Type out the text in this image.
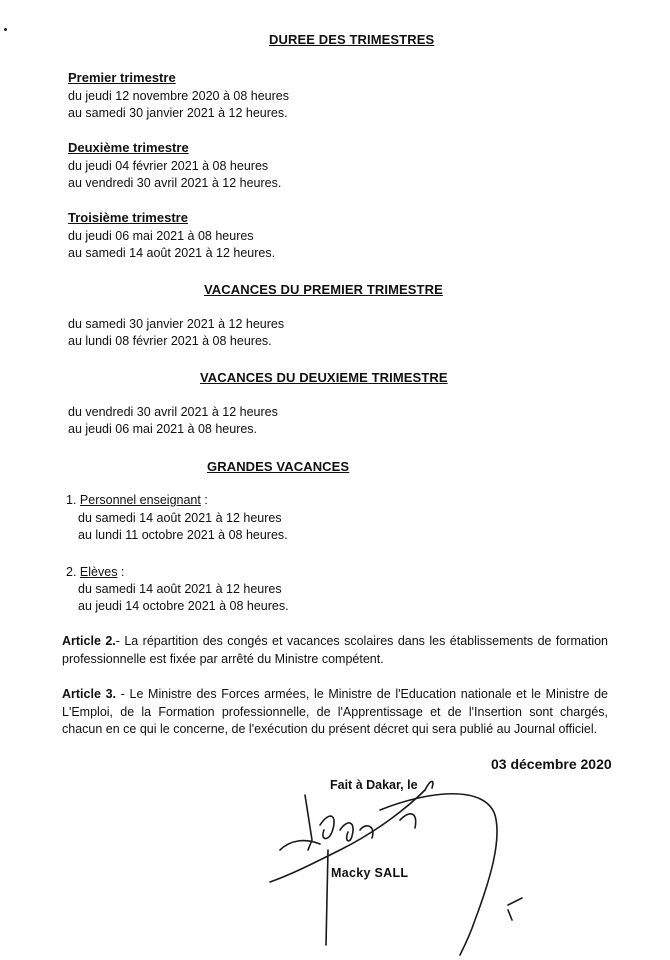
DUREE DES TRIMESTRES
Premier trimestre
du jeudi 12 novembre 2020 à 08 heures
au samedi 30 janvier 2021 à 12 heures.
Deuxième trimestre
du jeudi 04 février 2021 à 08 heures
au vendredi 30 avril 2021 à 12 heures.
Troisième trimestre
du jeudi 06 mai 2021 à 08 heures
au samedi 14 août 2021 à 12 heures.
VACANCES DU PREMIER TRIMESTRE
du samedi 30 janvier 2021 à 12 heures
au lundi 08 février 2021 à 08 heures.
VACANCES DU DEUXIEME TRIMESTRE
du vendredi 30 avril 2021 à 12 heures
au jeudi 06 mai 2021 à 08 heures.
GRANDES VACANCES
1. Personnel enseignant :
du samedi 14 août 2021 à 12 heures
au lundi 11 octobre 2021 à 08 heures.
2. Elèves :
du samedi 14 août 2021 à 12 heures
au jeudi 14 octobre 2021 à 08 heures.
Article 2.- La répartition des congés et vacances scolaires dans les établissements de formation professionnelle est fixée par arrêté du Ministre compétent.
Article 3. - Le Ministre des Forces armées, le Ministre de l'Education nationale et le Ministre de L'Emploi, de la Formation professionnelle, de l'Apprentissage et de l'Insertion sont chargés, chacun en ce qui le concerne, de l'exécution du présent décret qui sera publié au Journal officiel.
03 décembre 2020
Fait à Dakar, le
Macky SALL
